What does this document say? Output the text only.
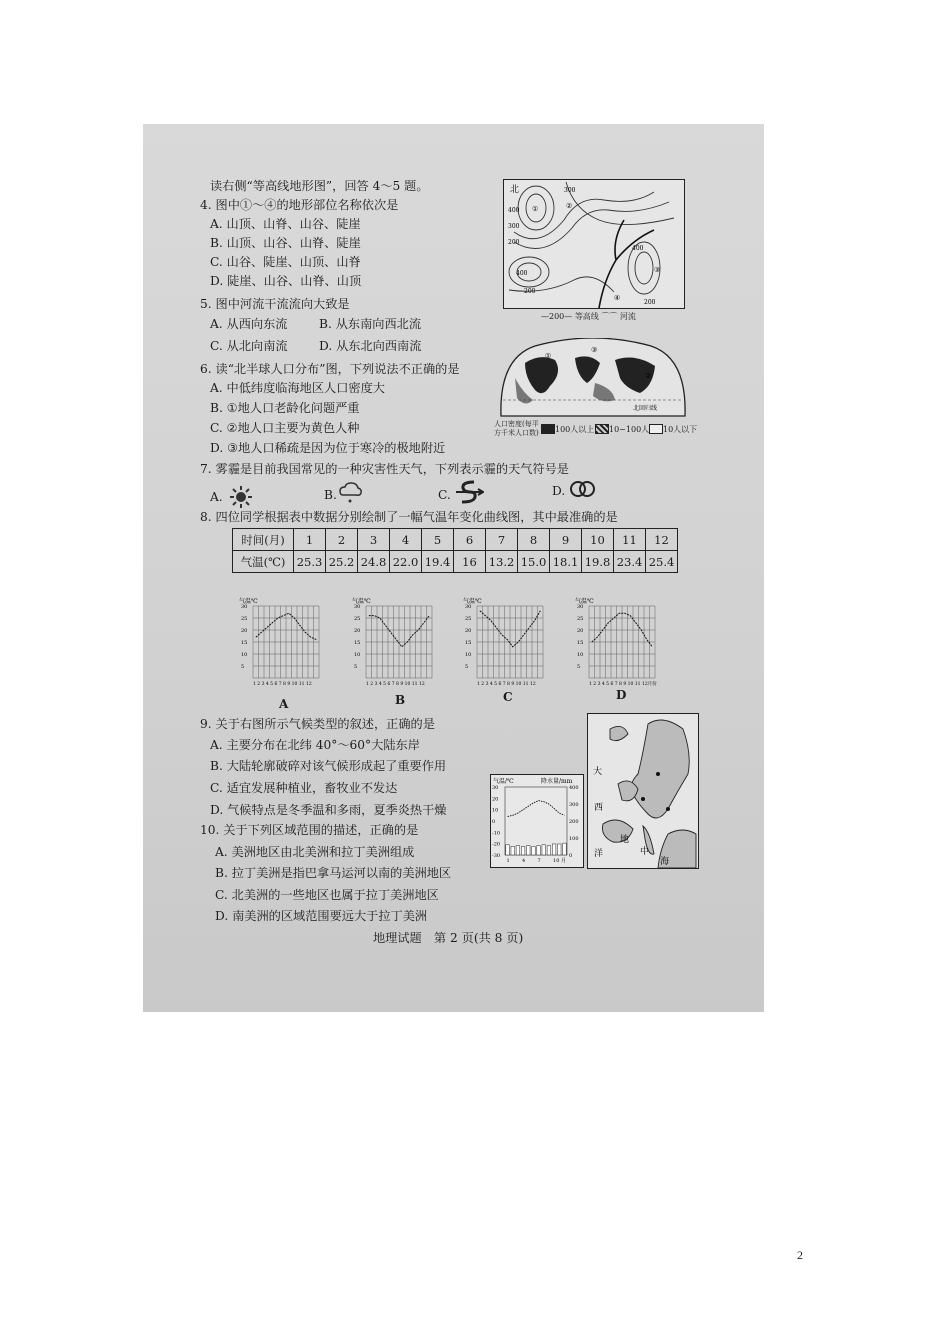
读右侧“等高线地形图”，回答 4～5 题。
4. 图中①～④的地形部位名称依次是
A. 山顶、山脊、山谷、陡崖
B. 山顶、山谷、山脊、陡崖
C. 山谷、陡崖、山顶、山脊
D. 陡崖、山谷、山脊、山顶
5. 图中河流干流流向大致是
A. 从西向东流	B. 从东南向西北流
C. 从北向南流	D. 从东北向西南流
6. 读“北半球人口分布”图，下列说法不正确的是
A. 中低纬度临海地区人口密度大
B. ①地人口老龄化问题严重
C. ②地人口主要为黄色人种
D. ③地人口稀疏是因为位于寒冷的极地附近
7. 雾霾是目前我国常见的一种灾害性天气，下列表示霾的天气符号是
A.	B.	C.	D.
8. 四位同学根据表中数据分别绘制了一幅气温年变化曲线图，其中最准确的是
时间(月)	1	2	3	4	5	6	7	8	9	10	11	12
气温(℃)	25.3	25.2	24.8	22.0	19.4	16	13.2	15.0	18.1	19.8	23.4	25.4
气温℃
30
25
20
15
10
5
1 2 3 4 5 6 7 8 9 10 11 12
气温℃
30
25
20
15
10
5
1 2 3 4 5 6 7 8 9 10 11 12
气温℃
30
25
20
15
10
5
1 2 3 4 5 6 7 8 9 10 11 12
气温℃
30
25
20
15
10
5
1 2 3 4 5 6 7 8 9 10 11 12月份
A	B	C	D
9. 关于右图所示气候类型的叙述，正确的是
A. 主要分布在北纬 40°～60°大陆东岸
B. 大陆轮廓破碎对该气候形成起了重要作用
C. 适宜发展种植业，畜牧业不发达
D. 气候特点是冬季温和多雨，夏季炎热干燥
10. 关于下列区域范围的描述，正确的是
A. 美洲地区由北美洲和拉丁美洲组成
B. 拉丁美洲是指巴拿马运河以南的美洲地区
C. 北美洲的一些地区也属于拉丁美洲地区
D. 南美洲的区域范围要远大于拉丁美洲
地理试题　第 2 页(共 8 页)
北
①	②
③
④
400
300
200
400
300
200
400
200
—200— 等高线 ⌒⌒ 河流
①
②
③
北回归线
人口密度(每平方千米人口数) 100人以上 10~100人 10人以下
大
西
洋
地
中
海
气温/℃	降水量/mm
30
20
10
0
-10
-20
-30
400
300
200
100
0
1 4 7 10 月
2
